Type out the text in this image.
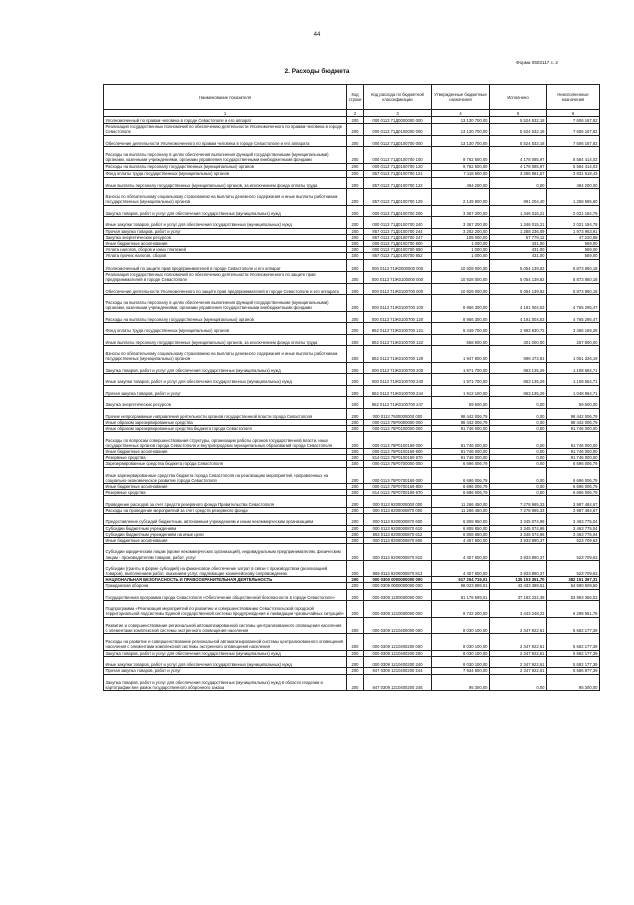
44
Форма 0503117 с. 2
2. Расходы бюджета
Наименование показателя	Код строки	Код расхода по бюджетной классификации	Утвержденные бюджетные назначения	Исполнено	Неисполненные назначения
1	2	3	4	5	6
Уполномоченный по правам человека в городе Севастополе и его аппарат	200	000 0113 71Д0000000 000	13 130 700,00	5 524 532,18	7 606 167,82
Реализация государственных полномочий по обеспечению деятельности Уполномоченного по правам человека в городе Севастополе	200	000 0113 71Д0100000 000	13 130 700,00	5 524 532,18	7 606 167,82
Обеспечение деятельности Уполномоченного по правам человека в городе Севастополе и его аппарата	200	000 0113 71Д0100700 000	13 130 700,00	5 524 532,18	7 606 167,82
Расходы на выплаты персоналу в целях обеспечения выполнения функций государственными (муниципальными) органами, казенными учреждениями, органами управления государственными внебюджетными фондами	200	000 0113 71Д0100700 100	9 762 500,00	4 178 085,97	5 584 414,03
Расходы на выплаты персоналу государственных (муниципальных) органов	200	000 0113 71Д0100700 120	9 762 500,00	4 178 085,97	5 584 414,03
Фонд оплаты труда государственных (муниципальных) органов	200	857 0113 71Д0100700 121	7 118 500,00	3 286 881,57	3 831 618,43
Иные выплаты персоналу государственных (муниципальных) органов, за исключением фонда оплаты труда	200	857 0113 71Д0100700 122	494 200,00	0,00	494 200,00
Взносы по обязательному социальному страхованию на выплаты денежного содержания и иные выплаты работникам государственных (муниципальных) органов	200	857 0113 71Д0100700 129	2 149 800,00	891 204,40	1 258 595,60
Закупка товаров, работ и услуг для обеспечения государственных (муниципальных) нужд	200	000 0113 71Д0100700 200	3 367 200,00	1 346 015,21	2 021 184,79
Иные закупки товаров, работ и услуг для обеспечения государственных (муниципальных) нужд	200	000 0113 71Д0100700 240	3 367 200,00	1 346 015,21	2 021 184,79
Прочая закупка товаров, работ и услуг	200	857 0113 71Д0100700 244	3 262 200,00	1 288 236,09	1 973 963,91
Закупка энергетических ресурсов	200	857 0113 71Д0100700 247	105 000,00	57 779,12	47 220,88
Иные бюджетные ассигнования	200	000 0113 71Д0100700 800	1 000,00	431,00	569,00
Уплата налогов, сборов и иных платежей	200	000 0113 71Д0100700 850	1 000,00	431,00	569,00
Уплата прочих налогов, сборов	200	857 0113 71Д0100700 852	1 000,00	431,00	569,00
Уполномоченный по защите прав предпринимателей в городе Севастополе и его аппарат	200	000 0113 71Ж0000000 000	10 928 000,00	5 054 139,82	5 873 860,18
Реализация государственных полномочий по обеспечению деятельности Уполномоченного по защите прав предпринимателей в городе Севастополе	200	000 0113 71Ж0100000 000	10 928 000,00	5 054 139,82	5 873 860,18
Обеспечение деятельности Уполномоченного по защите прав предпринимателей в городе Севастополе и его аппарата	200	000 0113 71Ж0100700 000	10 928 000,00	5 054 139,82	5 873 860,18
Расходы на выплаты персоналу в целях обеспечения выполнения функций государственными (муниципальными) органами, казенными учреждениями, органами управления государственными внебюджетными фондами	200	000 0113 71Ж0100700 100	8 956 300,00	4 191 004,53	4 765 295,47
Расходы на выплаты персоналу государственных (муниципальных) органов	200	000 0113 71Ж0100700 120	8 956 300,00	4 191 004,53	4 765 295,47
Фонд оплаты труда государственных (муниципальных) органов	200	862 0113 71Ж0100700 121	6 449 700,00	2 993 530,72	3 456 169,28
Иные выплаты персоналу государственных (муниципальных) органов, за исключением фонда оплаты труда	200	862 0113 71Ж0100700 122	558 800,00	301 000,00	257 800,00
Взносы по обязательному социальному страхованию на выплаты денежного содержания и иные выплаты работникам государственных (муниципальных) органов	200	862 0113 71Ж0100700 129	1 947 800,00	896 473,81	1 051 326,19
Закупка товаров, работ и услуг для обеспечения государственных (муниципальных) нужд	200	000 0113 71Ж0100700 200	1 971 700,00	863 135,29	1 108 564,71
Иные закупки товаров, работ и услуг для обеспечения государственных (муниципальных) нужд	200	000 0113 71Ж0100700 240	1 971 700,00	863 135,29	1 108 564,71
Прочая закупка товаров, работ и услуг	200	862 0113 71Ж0100700 244	1 912 100,00	863 135,29	1 048 964,71
Закупка энергетических ресурсов	200	862 0113 71Ж0100700 247	59 600,00	0,00	59 600,00
Прочие непрограммные направления деятельности органов государственной власти города Севастополя	200	000 0113 7500000000 000	98 442 006,79	0,00	98 442 006,79
Иные образом зарезервированные средства	200	000 0113 75P0000000 000	98 442 006,79	0,00	98 442 006,79
Иные образом зарезервированные средства бюджета города Севастополя	200	000 0113 75P0100000 000	91 746 000,00	0,00	91 746 000,00
Расходы по вопросам совершенствования структуры, организации работы органов государственной власти, иных государственных органов города Севастополя и внутригородских муниципальных образований города Севастополя	200	000 0113 75P0100169 000	91 746 000,00	0,00	91 746 000,00
Иные бюджетные ассигнования	200	000 0113 75P0100169 800	91 746 000,00	0,00	91 746 000,00
Резервные средства	200	814 0113 75P0100169 870	91 746 000,00	0,00	91 746 000,00
Зарезервированные средства бюджета города Севастополя	200	000 0113 75P0700000 000	6 696 006,79	0,00	6 696 006,79
Иные зарезервированные средства бюджета города Севастополя на реализацию мероприятий, направленных на социально-экономическое развитие города Севастополя	200	000 0113 75P0700169 000	6 696 006,79	0,00	6 696 006,79
Иные бюджетные ассигнования	200	000 0113 75P0700169 800	6 696 006,79	0,00	6 696 006,79
Резервные средства	200	814 0113 75P0700169 870	6 696 006,79	0,00	6 696 006,79
Проведение расходов за счет средств резервного фонда Правительства Севастополя	200	000 0113 9200000000 000	11 266 450,00	7 278 965,33	3 987 484,67
Расходы на проведение мероприятий за счет средств резервного фонда	200	000 0113 9200000870 000	11 266 450,00	7 278 965,33	3 987 484,67
Предоставление субсидий бюджетным, автономным учреждениям и иным некоммерческим организациям	200	000 0113 9200000870 600	6 808 850,00	3 345 074,96	3 463 775,04
Субсидии бюджетным учреждениям	200	000 0113 9200000870 610	6 808 850,00	3 345 074,96	3 463 775,04
Субсидии бюджетным учреждениям на иные цели	200	863 0113 9200000870 612	6 808 850,00	3 345 074,96	3 463 775,04
Иные бюджетные ассигнования	200	000 0113 9200000870 800	4 457 600,00	3 933 890,37	523 709,63
Субсидии юридическим лицам (кроме некоммерческих организаций), индивидуальным предпринимателям, физическим лицам - производителям товаров, работ, услуг	200	000 0113 9200000870 810	4 457 600,00	3 933 890,37	523 709,63
Субсидии (гранты в форме субсидий) на финансовое обеспечение затрат в связи с производством (реализацией товаров), выполнением работ, оказанием услуг, подлежащие казначейскому сопровождению	200	869 0113 9200000870 813	4 457 600,00	3 933 890,37	523 709,63
НАЦИОНАЛЬНАЯ БЕЗОПАСНОСТЬ И ПРАВООХРАНИТЕЛЬНАЯ ДЕЯТЕЛЬНОСТЬ	200	000 0300 0000000000 000	517 254 719,01	135 103 351,70	382 151 367,31
Гражданская оборона	200	000 0309 0000000000 000	98 023 899,01	43 433 389,51	54 590 509,50
Государственная программа города Севастополя «Обеспечение общественной безопасности в городе Севастополе»	200	000 0309 1200000000 000	91 176 599,01	37 183 232,48	53 993 366,53
Подпрограмма «Реализация мероприятий по развитию и совершенствованию Севастопольской городской территориальной подсистемы Единой государственной системы предупреждения и ликвидации чрезвычайных ситуаций»	200	000 0309 1210000000 000	9 742 200,00	3 443 248,22	6 298 951,78
Развитие и совершенствование региональной автоматизированной системы централизованного оповещения населения с элементами комплексной системы экстренного оповещения населения	200	000 0309 1210400000 000	8 030 100,00	2 347 922,61	5 682 177,39
Расходы на развитие и совершенствование региональной автоматизированной системы централизованного оповещения населения с элементами комплексной системы экстренного оповещения населения	200	000 0309 1210400200 000	8 030 100,00	2 347 922,61	5 682 177,39
Закупка товаров, работ и услуг для обеспечения государственных (муниципальных) нужд	200	000 0309 1210400200 200	8 030 100,00	2 347 922,61	5 682 177,39
Иные закупки товаров, работ и услуг для обеспечения государственных (муниципальных) нужд	200	000 0309 1210400200 240	8 030 100,00	2 347 922,61	5 682 177,39
Прочая закупка товаров, работ и услуг	200	847 0309 1210400200 244	7 934 800,00	2 347 922,61	5 586 877,39
Закупка товаров, работ и услуг для обеспечения государственных (муниципальных) нужд в области геодезии и картографии вне рамок государственного оборонного заказа	200	847 0309 1210400200 245	95 300,00	0,00	95 300,00
